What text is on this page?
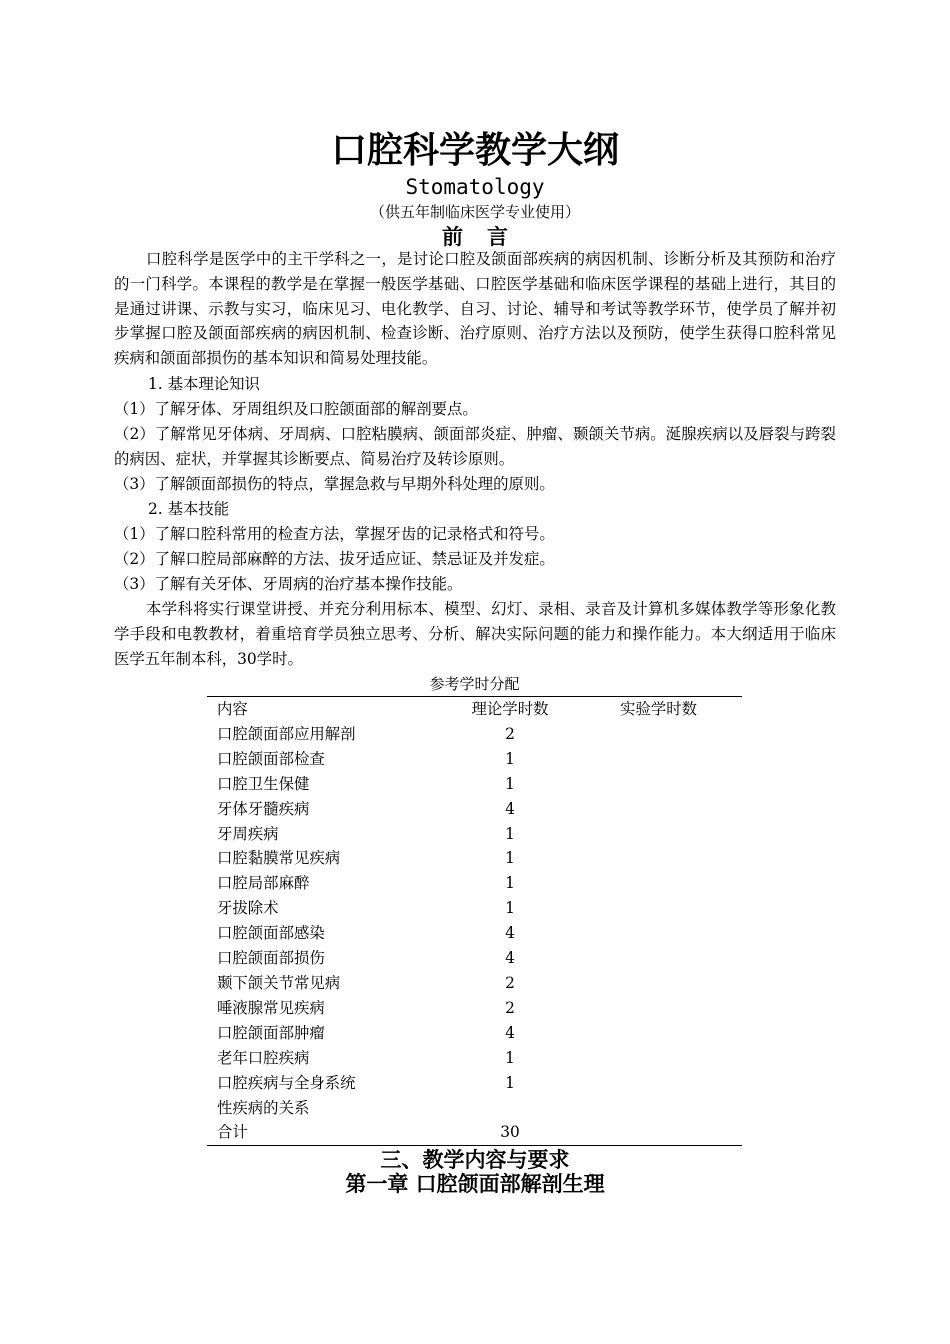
口腔科学教学大纲
Stomatology
（供五年制临床医学专业使用）
前言

口腔科学是医学中的主干学科之一，是讨论口腔及颌面部疾病的病因机制、诊断分析及其预防和治疗的一门科学。本课程的教学是在掌握一般医学基础、口腔医学基础和临床医学课程的基础上进行，其目的是通过讲课、示教与实习，临床见习、电化教学、自习、讨论、辅导和考试等教学环节，使学员了解并初步掌握口腔及颌面部疾病的病因机制、检查诊断、治疗原则、治疗方法以及预防，使学生获得口腔科常见疾病和颌面部损伤的基本知识和简易处理技能。

1. 基本理论知识
（1）了解牙体、牙周组织及口腔颌面部的解剖要点。
（2）了解常见牙体病、牙周病、口腔粘膜病、颌面部炎症、肿瘤、颞颌关节病。涎腺疾病以及唇裂与跨裂的病因、症状，并掌握其诊断要点、简易治疗及转诊原则。
（3）了解颌面部损伤的特点，掌握急救与早期外科处理的原则。
2. 基本技能
（1）了解口腔科常用的检查方法，掌握牙齿的记录格式和符号。
（2）了解口腔局部麻醉的方法、拔牙适应证、禁忌证及并发症。
（3）了解有关牙体、牙周病的治疗基本操作技能。

本学科将实行课堂讲授、并充分利用标本、模型、幻灯、录相、录音及计算机多媒体教学等形象化教学手段和电教教材，着重培育学员独立思考、分析、解决实际问题的能力和操作能力。本大纲适用于临床医学五年制本科，30学时。

参考学时分配
内容	理论学时数	实验学时数
口腔颌面部应用解剖	2	
口腔颌面部检查	1	
口腔卫生保健	1	
牙体牙髓疾病	4	
牙周疾病	1	
口腔黏膜常见疾病	1	
口腔局部麻醉	1	
牙拔除术	1	
口腔颌面部感染	4	
口腔颌面部损伤	4	
颞下颌关节常见病	2	
唾液腺常见疾病	2	
口腔颌面部肿瘤	4	
老年口腔疾病	1	
口腔疾病与全身系统	1	
性疾病的关系		
合计	30	
三、教学内容与要求
第一章 口腔颌面部解剖生理
